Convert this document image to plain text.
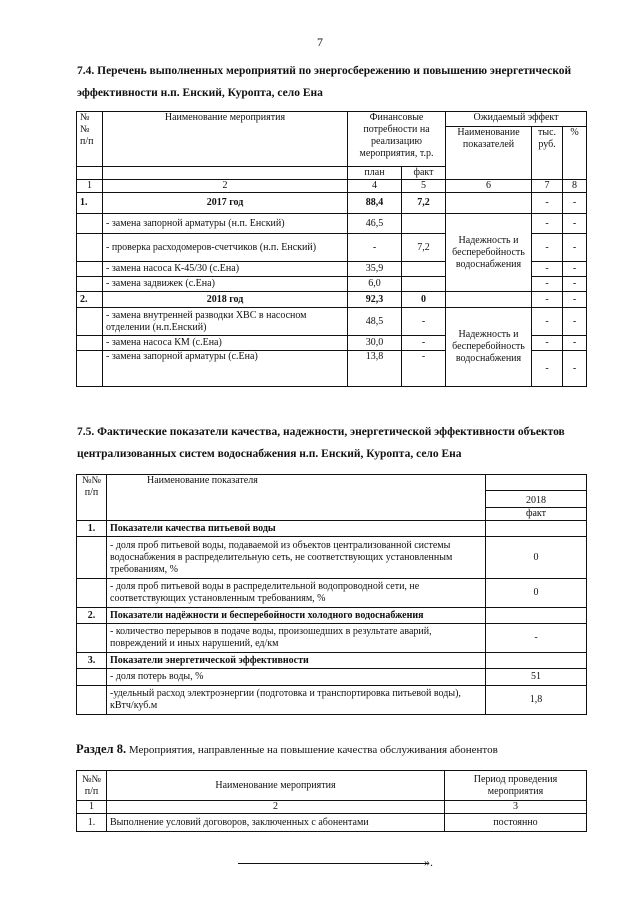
7
7.4. Перечень выполненных мероприятий по энергосбережению и повышению энергетической
эффективности н.п. Енский, Куропта, село Ена
№№ п/п	Наименование мероприятия	Финансовые потребности на реализацию мероприятия, т.р.		Ожидаемый эффект		
				Наименование показателей	тыс. руб.	%
		план	факт			
1	2	4	5	6	7	8
1.	2017 год	88,4	7,2		-	-
	- замена запорной арматуры (н.п. Енский)	46,5		Надежность и бесперебойность водоснабжения	-	-
	- проверка расходомеров-счетчиков (н.п. Енский)	-	7,2		-	-
	- замена насоса К-45/30 (с.Ена)	35,9			-	-
	- замена задвижек (с.Ена)	6,0			-	-
2.	2018 год	92,3	0		-	-
	- замена внутренней разводки ХВС в насосном отделении (н.п.Енский)	48,5	-	Надежность и бесперебойность водоснабжения	-	-
	- замена насоса КМ (с.Ена)	30,0	-		-	-
	- замена запорной арматуры (с.Ена)	13,8	-		-	-
7.5. Фактические показатели качества, надежности, энергетической эффективности объектов
централизованных систем водоснабжения н.п. Енский, Куропта, село Ена
№№ п/п	Наименование показателя	
		2018
		факт
1.	Показатели качества питьевой воды	
	- доля проб питьевой воды, подаваемой из объектов централизованной системы водоснабжения в распределительную сеть, не соответствующих установленным требованиям, %	0
	- доля проб питьевой воды в распределительной водопроводной сети, не соответствующих установленным требованиям, %	0
2.	Показатели надёжности и бесперебойности холодного водоснабжения	
	- количество перерывов в подаче воды, произошедших в результате аварий, повреждений и иных нарушений, ед/км	-
3.	Показатели энергетической эффективности	
	- доля потерь воды, %	51
	-удельный расход электроэнергии (подготовка и транспортировка питьевой воды), кВтч/куб.м	1,8
Раздел 8. Мероприятия, направленные на повышение качества обслуживания абонентов
№№ п/п	Наименование мероприятия	Период проведения мероприятия
1	2	3
1.	Выполнение условий договоров, заключенных с абонентами	постоянно
».
